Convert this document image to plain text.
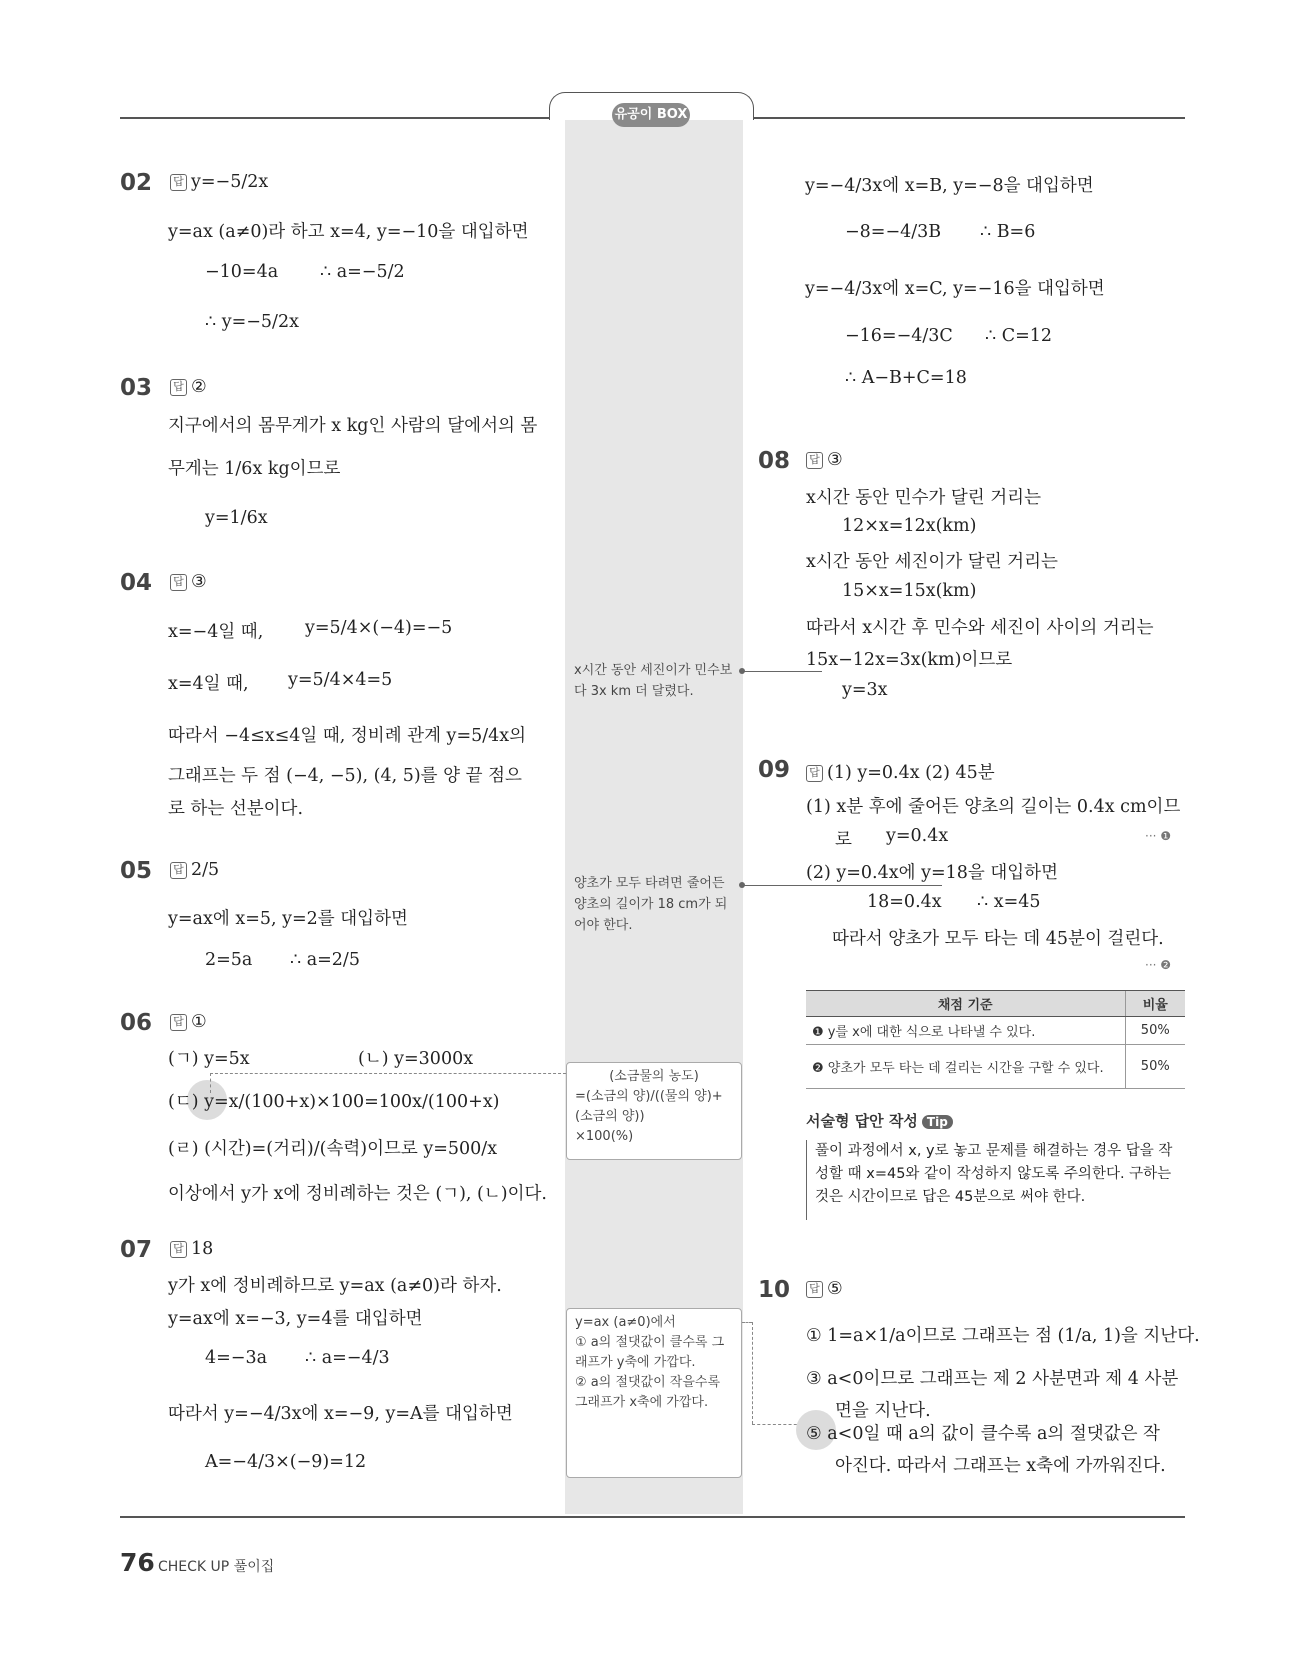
유공이 BOX
02 답 y=−5/2x
y=ax (a≠0)라 하고 x=4, y=−10을 대입하면
−10=4a ∴ a=−5/2
∴ y=−5/2x
03 답 ②
지구에서의 몸무게가 x kg인 사람의 달에서의 몸
무게는 1/6x kg이므로
y=1/6x
04 답 ③
x=−4일 때, y=5/4×(−4)=−5
x=4일 때, y=5/4×4=5
따라서 −4≤x≤4일 때, 정비례 관계 y=5/4x의
그래프는 두 점 (−4, −5), (4, 5)를 양 끝 점으
로 하는 선분이다.
05 답 2/5
y=ax에 x=5, y=2를 대입하면
2=5a ∴ a=2/5
06 답 ①
(ㄱ) y=5x	(ㄴ) y=3000x
(ㄷ) y=x/(100+x)×100=100x/(100+x)
(ㄹ) (시간)=(거리)/(속력)이므로 y=500/x
이상에서 y가 x에 정비례하는 것은 (ㄱ), (ㄴ)이다.
07 답 18
y가 x에 정비례하므로 y=ax (a≠0)라 하자.
y=ax에 x=−3, y=4를 대입하면
4=−3a ∴ a=−4/3
따라서 y=−4/3x에 x=−9, y=A를 대입하면
A=−4/3×(−9)=12
x시간 동안 세진이가 민수보다 3x km 더 달렸다.
양초가 모두 타려면 줄어든 양초의 길이가 18 cm가 되어야 한다.
(소금물의 농도)
=(소금의 양)/((물의 양)+(소금의 양))
×100(%)
y=ax (a≠0)에서
① a의 절댓값이 클수록 그래프가 y축에 가깝다.
② a의 절댓값이 작을수록 그래프가 x축에 가깝다.
y=−4/3x에 x=B, y=−8을 대입하면
−8=−4/3B ∴ B=6
y=−4/3x에 x=C, y=−16을 대입하면
−16=−4/3C ∴ C=12
∴ A−B+C=18
08 답 ③
x시간 동안 민수가 달린 거리는
12×x=12x(km)
x시간 동안 세진이가 달린 거리는
15×x=15x(km)
따라서 x시간 후 민수와 세진이 사이의 거리는
15x−12x=3x(km)이므로
y=3x
09 답 (1) y=0.4x (2) 45분
(1) x분 후에 줄어든 양초의 길이는 0.4x cm이므
로 y=0.4x	··· ❶
(2) y=0.4x에 y=18을 대입하면
18=0.4x ∴ x=45
따라서 양초가 모두 타는 데 45분이 걸린다.
··· ❷
채점 기준	비율
❶ y를 x에 대한 식으로 나타낼 수 있다.	50%
❷ 양초가 모두 타는 데 걸리는 시간을 구할 수 있다.	50%
서술형 답안 작성 Tip
풀이 과정에서 x, y로 놓고 문제를 해결하는 경우 답을 작성할 때 x=45와 같이 작성하지 않도록 주의한다. 구하는 것은 시간이므로 답은 45분으로 써야 한다.
10 답 ⑤
① 1=a×1/a이므로 그래프는 점 (1/a, 1)을 지난다.
③ a<0이므로 그래프는 제 2 사분면과 제 4 사분
면을 지난다.
⑤ a<0일 때 a의 값이 클수록 a의 절댓값은 작
아진다. 따라서 그래프는 x축에 가까워진다.
76 CHECK UP 풀이집
